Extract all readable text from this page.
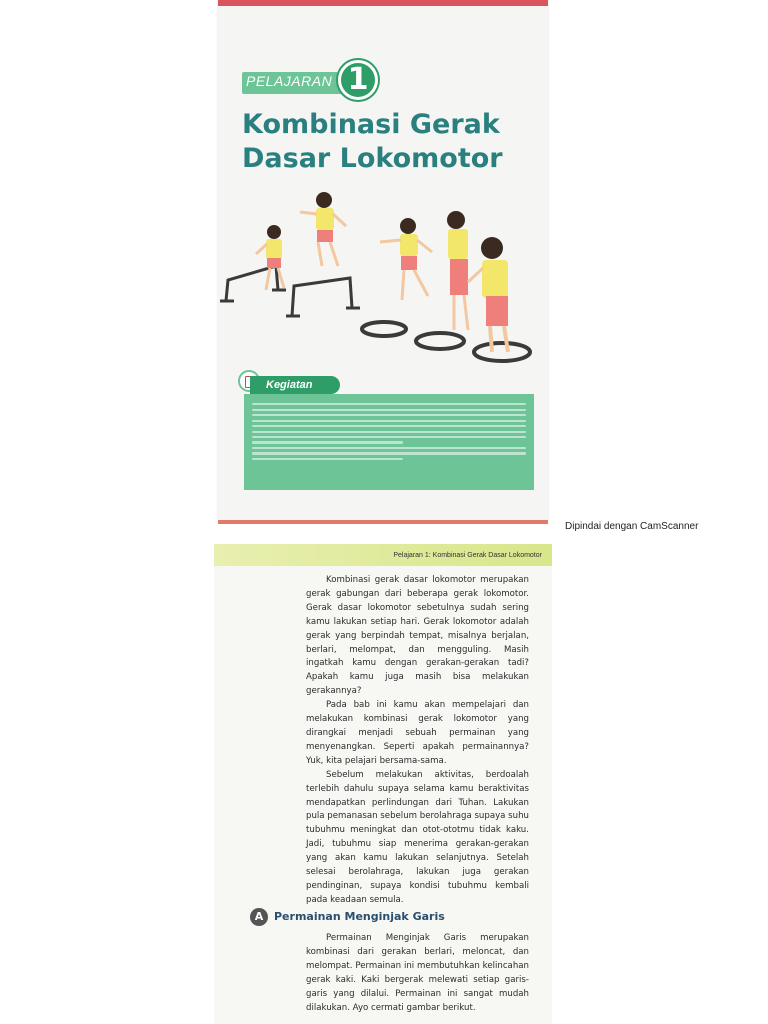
PELAJARAN 1
Kombinasi Gerak Dasar Lokomotor
Kegiatan
Dipindai dengan CamScanner
Pelajaran 1: Kombinasi Gerak Dasar Lokomotor

Kombinasi gerak dasar lokomotor merupakan gerak gabungan dari beberapa gerak lokomotor. Gerak dasar lokomotor sebetulnya sudah sering kamu lakukan setiap hari. Gerak lokomotor adalah gerak yang berpindah tempat, misalnya berjalan, berlari, melompat, dan mengguling. Masih ingatkah kamu dengan gerakan-gerakan tadi? Apakah kamu juga masih bisa melakukan gerakannya?

Pada bab ini kamu akan mempelajari dan melakukan kombinasi gerak lokomotor yang dirangkai menjadi sebuah permainan yang menyenangkan. Seperti apakah permainannya? Yuk, kita pelajari bersama-sama.

Sebelum melakukan aktivitas, berdoalah terlebih dahulu supaya selama kamu beraktivitas mendapatkan perlindungan dari Tuhan. Lakukan pula pemanasan sebelum berolahraga supaya suhu tubuhmu meningkat dan otot-ototmu tidak kaku. Jadi, tubuhmu siap menerima gerakan-gerakan yang akan kamu lakukan selanjutnya. Setelah selesai berolahraga, lakukan juga gerakan pendinginan, supaya kondisi tubuhmu kembali pada keadaan semula.

A Permainan Menginjak Garis

Permainan Menginjak Garis merupakan kombinasi dari gerakan berlari, meloncat, dan melompat. Permainan ini membutuhkan kelincahan gerak kaki. Kaki bergerak melewati setiap garis-garis yang dilalui. Permainan ini sangat mudah dilakukan. Ayo cermati gambar berikut.
